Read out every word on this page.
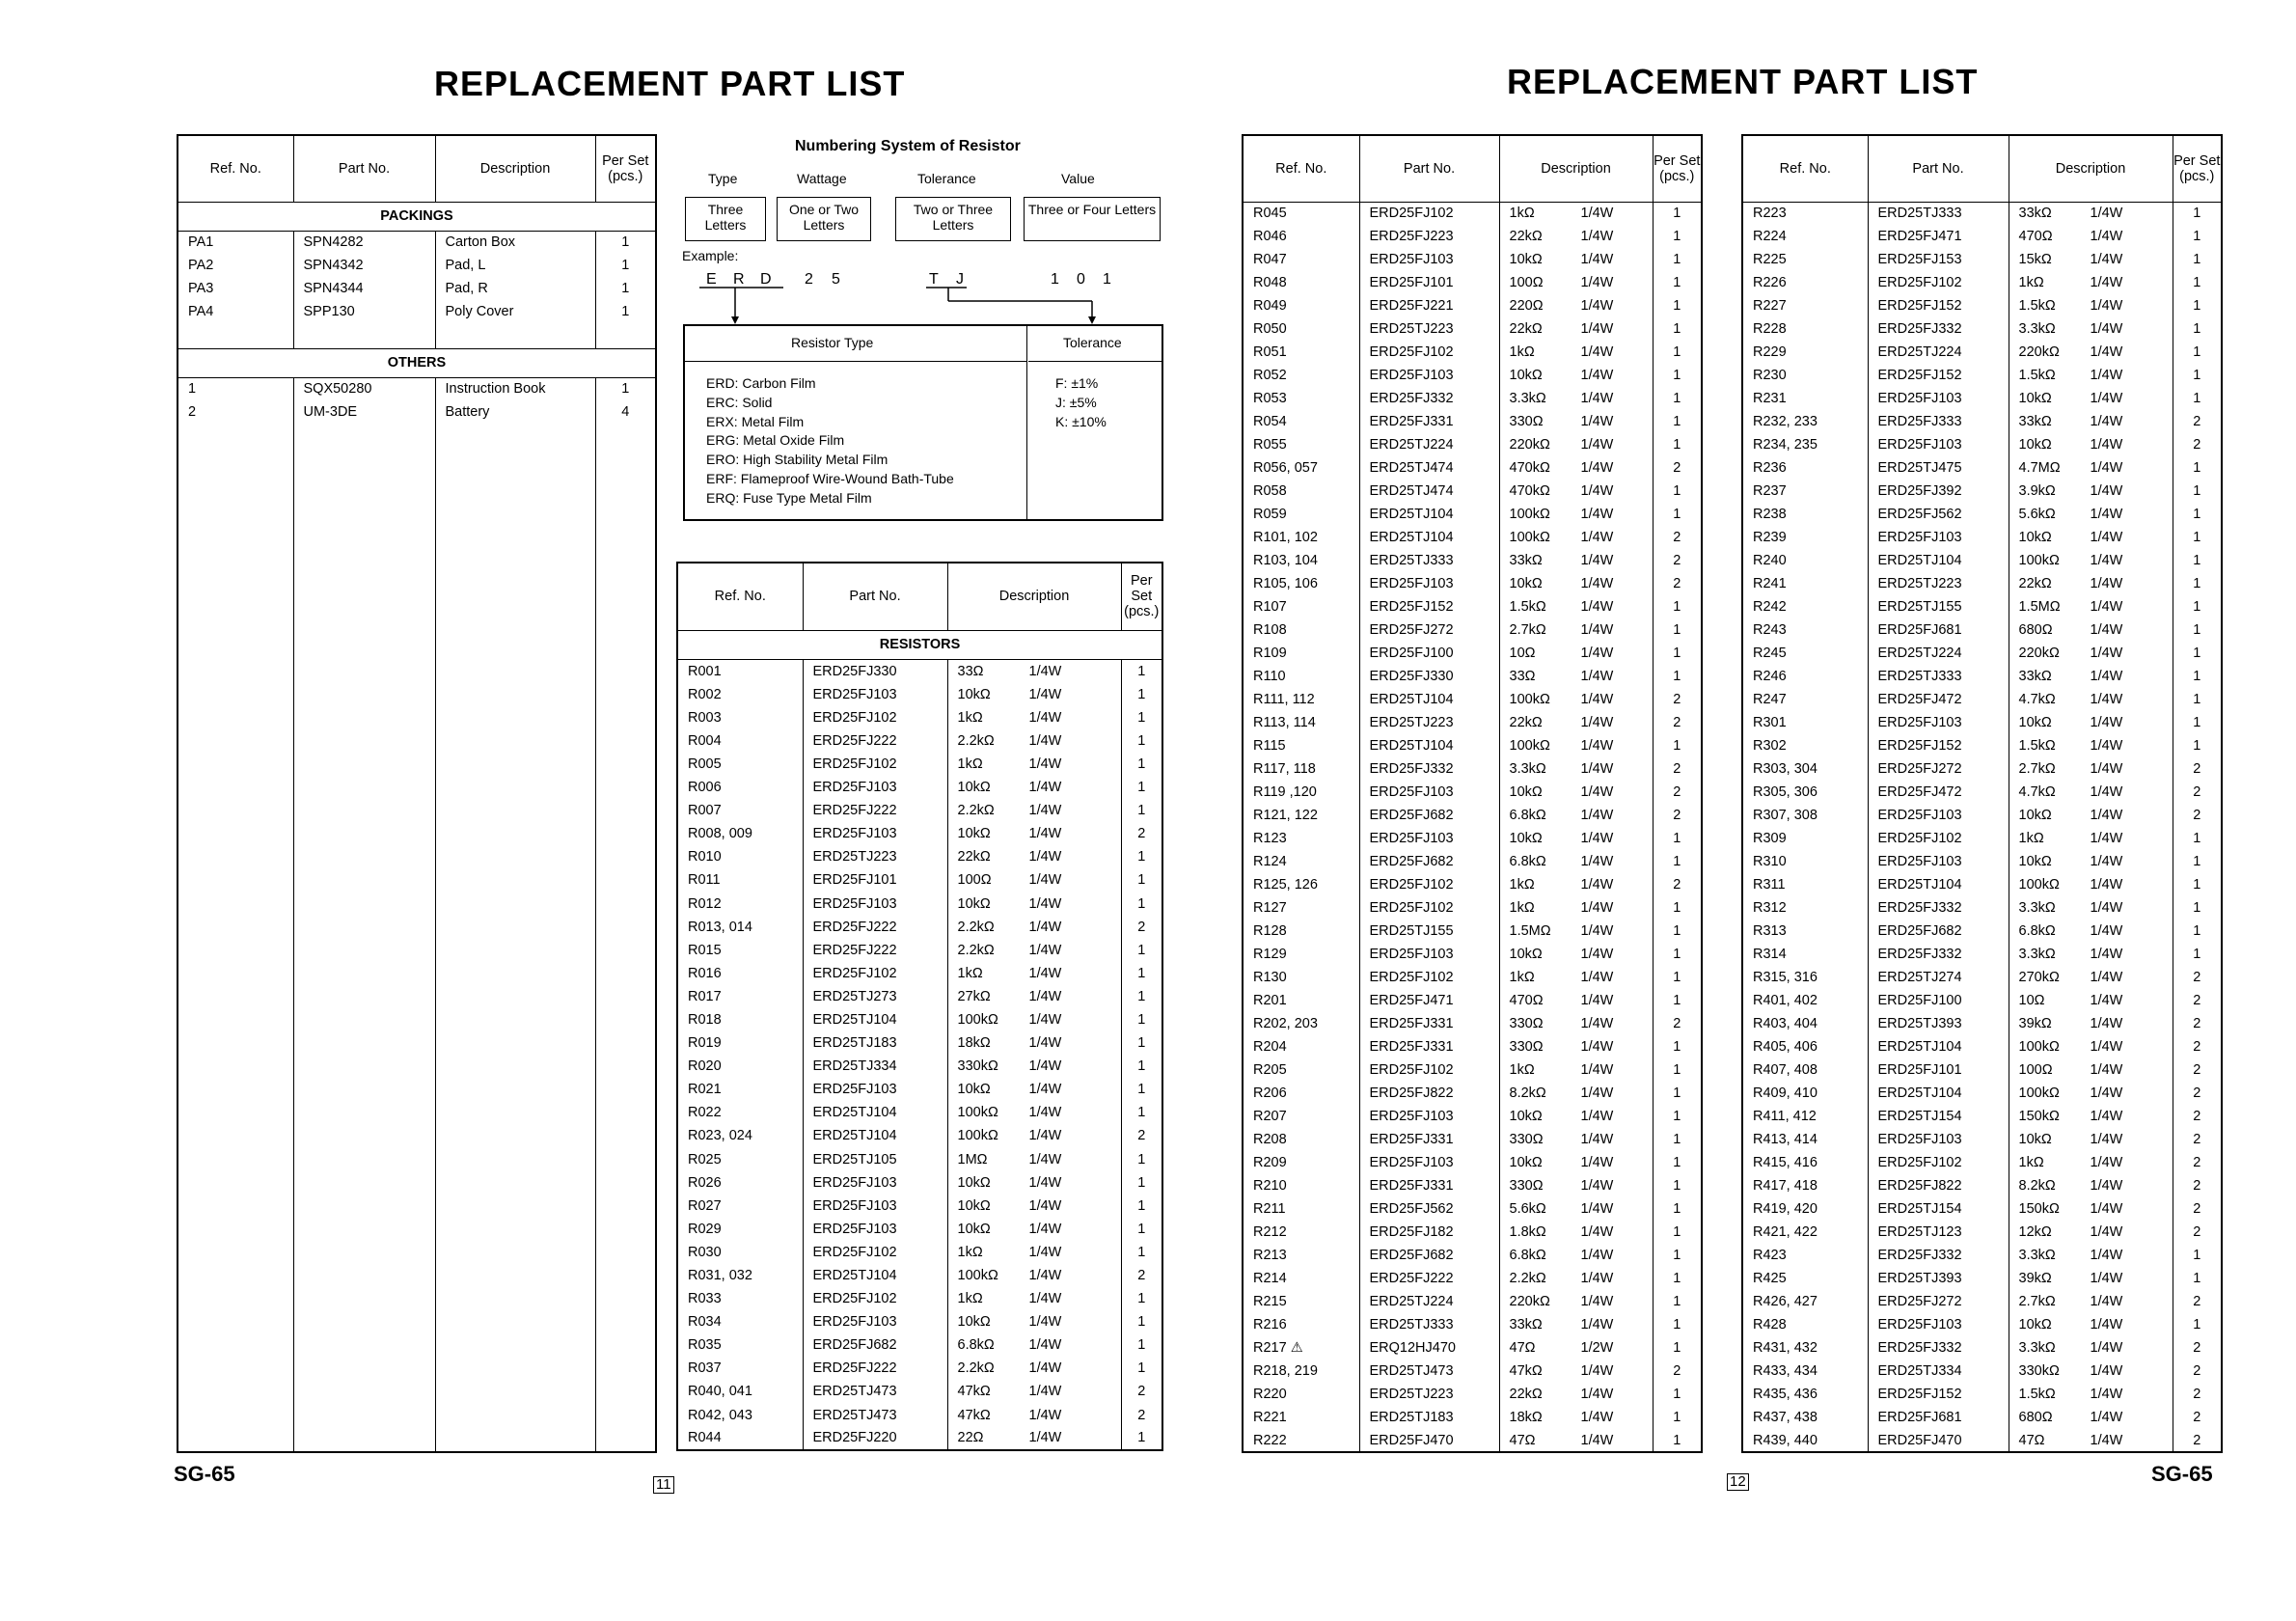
REPLACEMENT PART LIST	REPLACEMENT PART LIST
Ref. No.	Part No.	Description	Per Set (pcs.)
PACKINGS			
PA1	SPN4282	Carton Box	1
PA2	SPN4342	Pad, L	1
PA3	SPN4344	Pad, R	1
PA4	SPP130	Poly Cover	1

OTHERS			
1	SQX50280	Instruction Book	1
2	UM-3DE	Battery	4

Numbering System of Resistor
Type	Wattage	Tolerance	Value
Three Letters
One or Two Letters
Two or Three Letters
Three or Four Letters
Example:
E R D 2 5	T J	1 0 1
Resistor Type	Tolerance
ERD: Carbon Film
ERC: Solid
ERX: Metal Film
ERG: Metal Oxide Film
ERO: High Stability Metal Film
ERF: Flameproof Wire-Wound Bath-Tube
ERQ: Fuse Type Metal Film
F: ±1%
J: ±5%
K: ±10%
Ref. No.	Part No.	Description	Per Set (pcs.)
RESISTORS			
R001	ERD25FJ330	33Ω 1/4W	1
R002	ERD25FJ103	10kΩ 1/4W	1
R003	ERD25FJ102	1kΩ 1/4W	1
R004	ERD25FJ222	2.2kΩ 1/4W	1
R005	ERD25FJ102	1kΩ 1/4W	1
R006	ERD25FJ103	10kΩ 1/4W	1
R007	ERD25FJ222	2.2kΩ 1/4W	1
R008, 009	ERD25FJ103	10kΩ 1/4W	2
R010	ERD25TJ223	22kΩ 1/4W	1
R011	ERD25FJ101	100Ω 1/4W	1
R012	ERD25FJ103	10kΩ 1/4W	1
R013, 014	ERD25FJ222	2.2kΩ 1/4W	2
R015	ERD25FJ222	2.2kΩ 1/4W	1
R016	ERD25FJ102	1kΩ 1/4W	1
R017	ERD25TJ273	27kΩ 1/4W	1
R018	ERD25TJ104	100kΩ 1/4W	1
R019	ERD25TJ183	18kΩ 1/4W	1
R020	ERD25TJ334	330kΩ 1/4W	1
R021	ERD25FJ103	10kΩ 1/4W	1
R022	ERD25TJ104	100kΩ 1/4W	1
R023, 024	ERD25TJ104	100kΩ 1/4W	2
R025	ERD25TJ105	1MΩ 1/4W	1
R026	ERD25FJ103	10kΩ 1/4W	1
R027	ERD25FJ103	10kΩ 1/4W	1
R029	ERD25FJ103	10kΩ 1/4W	1
R030	ERD25FJ102	1kΩ 1/4W	1
R031, 032	ERD25TJ104	100kΩ 1/4W	2
R033	ERD25FJ102	1kΩ 1/4W	1
R034	ERD25FJ103	10kΩ 1/4W	1
R035	ERD25FJ682	6.8kΩ 1/4W	1
R037	ERD25FJ222	2.2kΩ 1/4W	1
R040, 041	ERD25TJ473	47kΩ 1/4W	2
R042, 043	ERD25TJ473	47kΩ 1/4W	2
R044	ERD25FJ220	22Ω 1/4W	1
Ref. No.	Part No.	Description	Per Set (pcs.)
R045	ERD25FJ102	1kΩ 1/4W	1
R046	ERD25FJ223	22kΩ 1/4W	1
R047	ERD25FJ103	10kΩ 1/4W	1
R048	ERD25FJ101	100Ω 1/4W	1
R049	ERD25FJ221	220Ω 1/4W	1
R050	ERD25TJ223	22kΩ 1/4W	1
R051	ERD25FJ102	1kΩ 1/4W	1
R052	ERD25FJ103	10kΩ 1/4W	1
R053	ERD25FJ332	3.3kΩ 1/4W	1
R054	ERD25FJ331	330Ω 1/4W	1
R055	ERD25TJ224	220kΩ 1/4W	1
R056, 057	ERD25TJ474	470kΩ 1/4W	2
R058	ERD25TJ474	470kΩ 1/4W	1
R059	ERD25TJ104	100kΩ 1/4W	1
R101, 102	ERD25TJ104	100kΩ 1/4W	2
R103, 104	ERD25TJ333	33kΩ 1/4W	2
R105, 106	ERD25FJ103	10kΩ 1/4W	2
R107	ERD25FJ152	1.5kΩ 1/4W	1
R108	ERD25FJ272	2.7kΩ 1/4W	1
R109	ERD25FJ100	10Ω 1/4W	1
R110	ERD25FJ330	33Ω 1/4W	1
R111, 112	ERD25TJ104	100kΩ 1/4W	2
R113, 114	ERD25TJ223	22kΩ 1/4W	2
R115	ERD25TJ104	100kΩ 1/4W	1
R117, 118	ERD25FJ332	3.3kΩ 1/4W	2
R119 ,120	ERD25FJ103	10kΩ 1/4W	2
R121, 122	ERD25FJ682	6.8kΩ 1/4W	2
R123	ERD25FJ103	10kΩ 1/4W	1
R124	ERD25FJ682	6.8kΩ 1/4W	1
R125, 126	ERD25FJ102	1kΩ 1/4W	2
R127	ERD25FJ102	1kΩ 1/4W	1
R128	ERD25TJ155	1.5MΩ 1/4W	1
R129	ERD25FJ103	10kΩ 1/4W	1
R130	ERD25FJ102	1kΩ 1/4W	1
R201	ERD25FJ471	470Ω 1/4W	1
R202, 203	ERD25FJ331	330Ω 1/4W	2
R204	ERD25FJ331	330Ω 1/4W	1
R205	ERD25FJ102	1kΩ 1/4W	1
R206	ERD25FJ822	8.2kΩ 1/4W	1
R207	ERD25FJ103	10kΩ 1/4W	1
R208	ERD25FJ331	330Ω 1/4W	1
R209	ERD25FJ103	10kΩ 1/4W	1
R210	ERD25FJ331	330Ω 1/4W	1
R211	ERD25FJ562	5.6kΩ 1/4W	1
R212	ERD25FJ182	1.8kΩ 1/4W	1
R213	ERD25FJ682	6.8kΩ 1/4W	1
R214	ERD25FJ222	2.2kΩ 1/4W	1
R215	ERD25TJ224	220kΩ 1/4W	1
R216	ERD25TJ333	33kΩ 1/4W	1
R217 ⚠	ERQ12HJ470	47Ω 1/2W	1
R218, 219	ERD25TJ473	47kΩ 1/4W	2
R220	ERD25TJ223	22kΩ 1/4W	1
R221	ERD25TJ183	18kΩ 1/4W	1
R222	ERD25FJ470	47Ω 1/4W	1
Ref. No.	Part No.	Description	Per Set (pcs.)
R223	ERD25TJ333	33kΩ 1/4W	1
R224	ERD25FJ471	470Ω 1/4W	1
R225	ERD25FJ153	15kΩ 1/4W	1
R226	ERD25FJ102	1kΩ 1/4W	1
R227	ERD25FJ152	1.5kΩ 1/4W	1
R228	ERD25FJ332	3.3kΩ 1/4W	1
R229	ERD25TJ224	220kΩ 1/4W	1
R230	ERD25FJ152	1.5kΩ 1/4W	1
R231	ERD25FJ103	10kΩ 1/4W	1
R232, 233	ERD25FJ333	33kΩ 1/4W	2
R234, 235	ERD25FJ103	10kΩ 1/4W	2
R236	ERD25TJ475	4.7MΩ 1/4W	1
R237	ERD25FJ392	3.9kΩ 1/4W	1
R238	ERD25FJ562	5.6kΩ 1/4W	1
R239	ERD25FJ103	10kΩ 1/4W	1
R240	ERD25TJ104	100kΩ 1/4W	1
R241	ERD25TJ223	22kΩ 1/4W	1
R242	ERD25TJ155	1.5MΩ 1/4W	1
R243	ERD25FJ681	680Ω 1/4W	1
R245	ERD25TJ224	220kΩ 1/4W	1
R246	ERD25TJ333	33kΩ 1/4W	1
R247	ERD25FJ472	4.7kΩ 1/4W	1
R301	ERD25FJ103	10kΩ 1/4W	1
R302	ERD25FJ152	1.5kΩ 1/4W	1
R303, 304	ERD25FJ272	2.7kΩ 1/4W	2
R305, 306	ERD25FJ472	4.7kΩ 1/4W	2
R307, 308	ERD25FJ103	10kΩ 1/4W	2
R309	ERD25FJ102	1kΩ 1/4W	1
R310	ERD25FJ103	10kΩ 1/4W	1
R311	ERD25TJ104	100kΩ 1/4W	1
R312	ERD25FJ332	3.3kΩ 1/4W	1
R313	ERD25FJ682	6.8kΩ 1/4W	1
R314	ERD25FJ332	3.3kΩ 1/4W	1
R315, 316	ERD25TJ274	270kΩ 1/4W	2
R401, 402	ERD25FJ100	10Ω 1/4W	2
R403, 404	ERD25TJ393	39kΩ 1/4W	2
R405, 406	ERD25TJ104	100kΩ 1/4W	2
R407, 408	ERD25FJ101	100Ω 1/4W	2
R409, 410	ERD25TJ104	100kΩ 1/4W	2
R411, 412	ERD25TJ154	150kΩ 1/4W	2
R413, 414	ERD25FJ103	10kΩ 1/4W	2
R415, 416	ERD25FJ102	1kΩ 1/4W	2
R417, 418	ERD25FJ822	8.2kΩ 1/4W	2
R419, 420	ERD25TJ154	150kΩ 1/4W	2
R421, 422	ERD25TJ123	12kΩ 1/4W	2
R423	ERD25FJ332	3.3kΩ 1/4W	1
R425	ERD25TJ393	39kΩ 1/4W	1
R426, 427	ERD25FJ272	2.7kΩ 1/4W	2
R428	ERD25FJ103	10kΩ 1/4W	1
R431, 432	ERD25FJ332	3.3kΩ 1/4W	2
R433, 434	ERD25TJ334	330kΩ 1/4W	2
R435, 436	ERD25FJ152	1.5kΩ 1/4W	2
R437, 438	ERD25FJ681	680Ω 1/4W	2
R439, 440	ERD25FJ470	47Ω 1/4W	2
SG-65	SG-65
11	12
